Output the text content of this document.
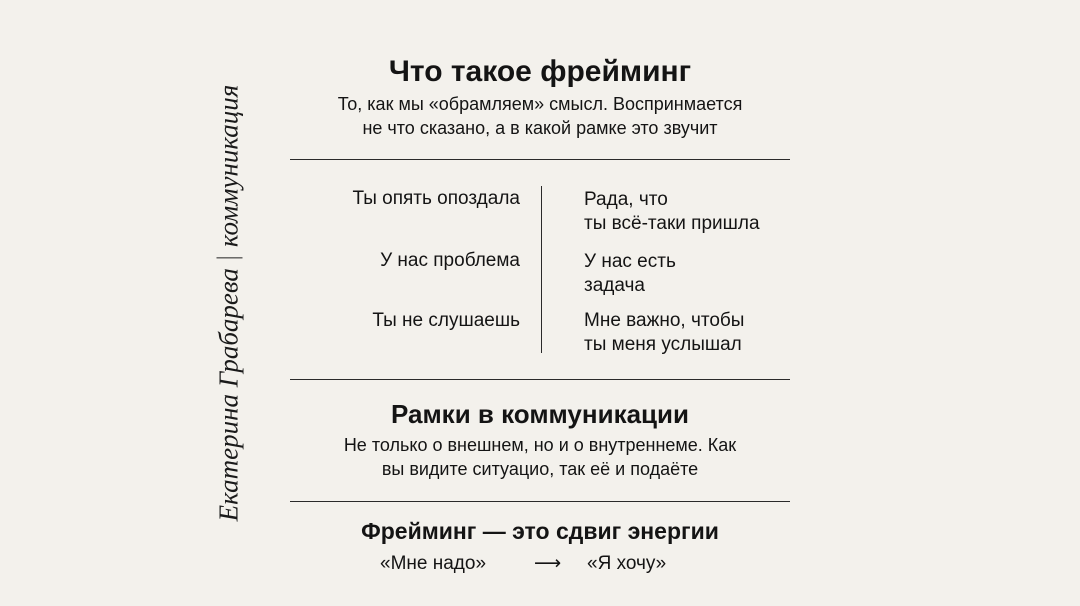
Екатерина Грабарева
коммуникация
Что такое фрейминг
То, как мы «обрамляем» смысл. Воспринмается
не что сказано, а в какой рамке это звучит
Ты опять опоздала	Рада, что
ты всё-таки пришла
У нас проблема	У нас есть
задача
Ты не слушаешь	Мне важно, чтобы
ты меня услышал
Рамки в коммуникации
Не только о внешнем, но и о внутреннеме. Как
вы видите ситуацио, так её и подаёте
Фрейминг — это сдвиг энергии
«Мне надо»	⟶ «Я хочу»
